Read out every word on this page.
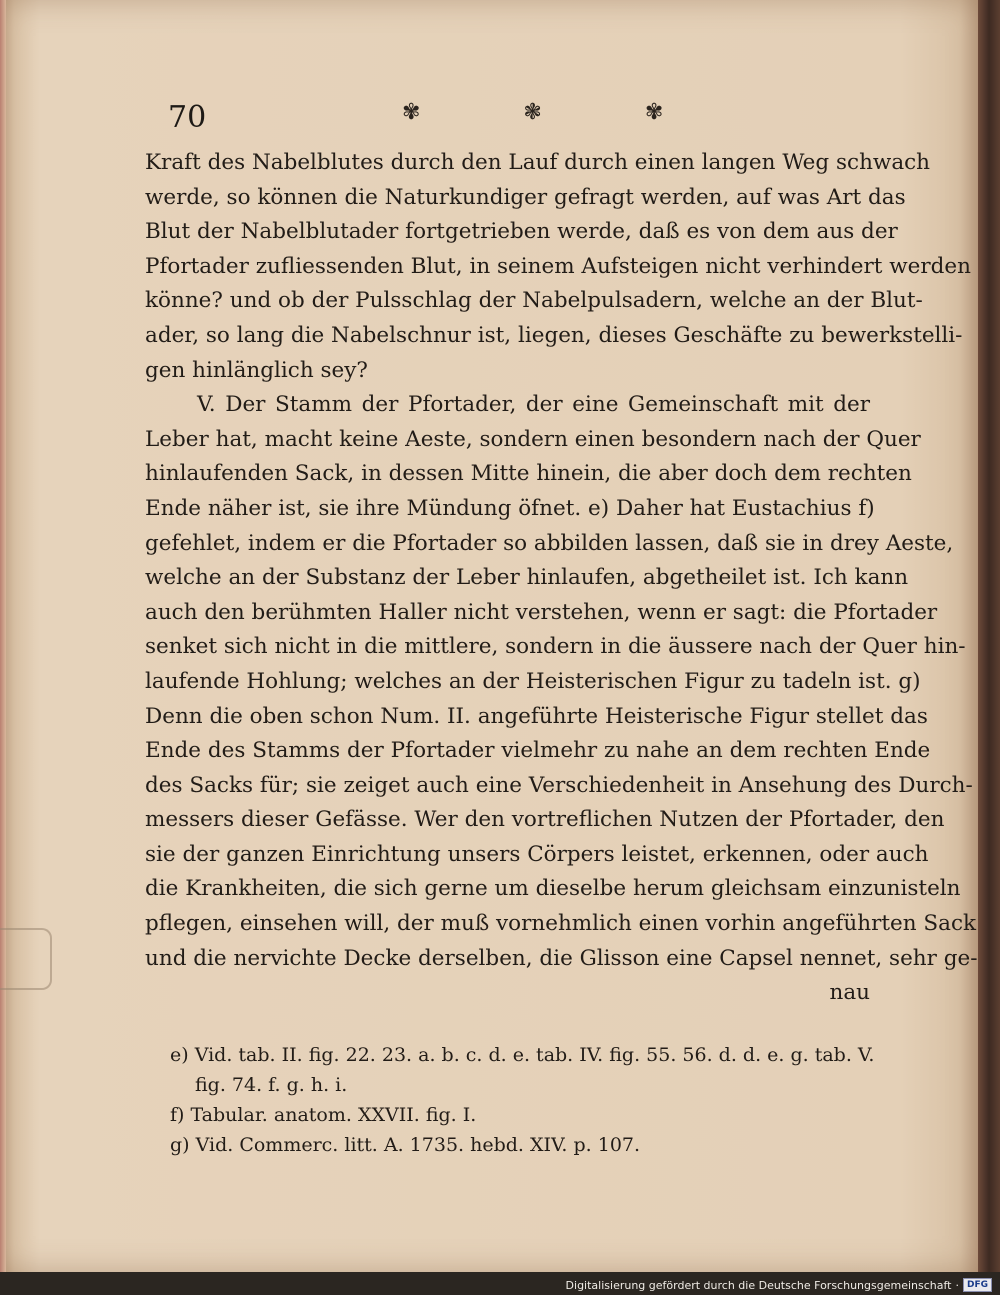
70	✾ ❃ ✾
Kraft des Nabelblutes durch den Lauf durch einen langen Weg schwach
werde, so können die Naturkundiger gefragt werden, auf was Art das
Blut der Nabelblutader fortgetrieben werde, daß es von dem aus der
Pfortader zufliessenden Blut, in seinem Aufsteigen nicht verhindert werden
könne? und ob der Pulsschlag der Nabelpulsadern, welche an der Blut-
ader, so lang die Nabelschnur ist, liegen, dieses Geschäfte zu bewerkstelli-
gen hinlänglich sey?
V. Der Stamm der Pfortader, der eine Gemeinschaft mit der
Leber hat, macht keine Aeste, sondern einen besondern nach der Quer
hinlaufenden Sack, in dessen Mitte hinein, die aber doch dem rechten
Ende näher ist, sie ihre Mündung öfnet. e) Daher hat Eustachius f)
gefehlet, indem er die Pfortader so abbilden lassen, daß sie in drey Aeste,
welche an der Substanz der Leber hinlaufen, abgetheilet ist. Ich kann
auch den berühmten Haller nicht verstehen, wenn er sagt: die Pfortader
senket sich nicht in die mittlere, sondern in die äussere nach der Quer hin-
laufende Hohlung; welches an der Heisterischen Figur zu tadeln ist. g)
Denn die oben schon Num. II. angeführte Heisterische Figur stellet das
Ende des Stamms der Pfortader vielmehr zu nahe an dem rechten Ende
des Sacks für; sie zeiget auch eine Verschiedenheit in Ansehung des Durch-
messers dieser Gefässe. Wer den vortreflichen Nutzen der Pfortader, den
sie der ganzen Einrichtung unsers Cörpers leistet, erkennen, oder auch
die Krankheiten, die sich gerne um dieselbe herum gleichsam einzunisteln
pflegen, einsehen will, der muß vornehmlich einen vorhin angeführten Sack
und die nervichte Decke derselben, die Glisson eine Capsel nennet, sehr ge-
nau
e) Vid. tab. II. fig. 22. 23. a. b. c. d. e. tab. IV. fig. 55. 56. d. d. e. g. tab. V.
fig. 74. f. g. h. i.
f) Tabular. anatom. XXVII. fig. I.
g) Vid. Commerc. litt. A. 1735. hebd. XIV. p. 107.
Digitalisierung gefördert durch die Deutsche Forschungsgemeinschaft · DFG
